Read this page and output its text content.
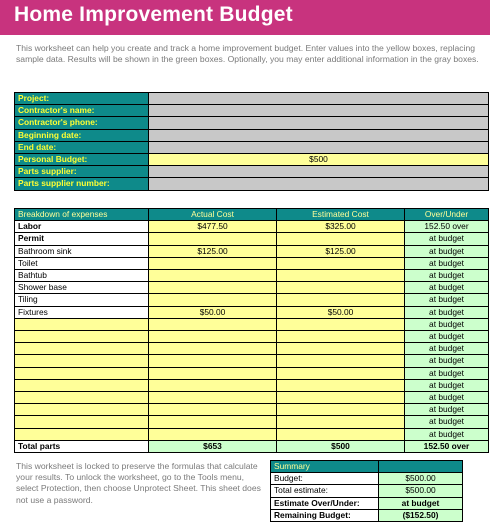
Home Improvement Budget
This worksheet can help you create and track a home improvement budget. Enter values into the yellow boxes, replacing sample data. Results will be shown in the green boxes. Optionally, you may enter additional information in the gray boxes.
Project:	
Contractor's name:	
Contractor's phone:	
Beginning date:	
End date:	
Personal Budget:	$500
Parts supplier:	
Parts supplier number:	
Breakdown of expenses	Actual Cost	Estimated Cost	Over/Under
Labor	$477.50	$325.00	152.50 over
Permit			at budget
Bathroom sink	$125.00	$125.00	at budget
Toilet			at budget
Bathtub			at budget
Shower base			at budget
Tiling			at budget
Fixtures	$50.00	$50.00	at budget
			at budget
			at budget
			at budget
			at budget
			at budget
			at budget
			at budget
			at budget
			at budget
			at budget
Total parts	$653	$500	152.50 over
This worksheet is locked to preserve the formulas that calculate your results. To unlock the worksheet, go to the Tools menu, select Protection, then choose Unprotect Sheet. This sheet does not use a password.
Summary	
Budget:	$500.00
Total estimate:	$500.00
Estimate Over/Under:	at budget
Remaining Budget:	($152.50)
